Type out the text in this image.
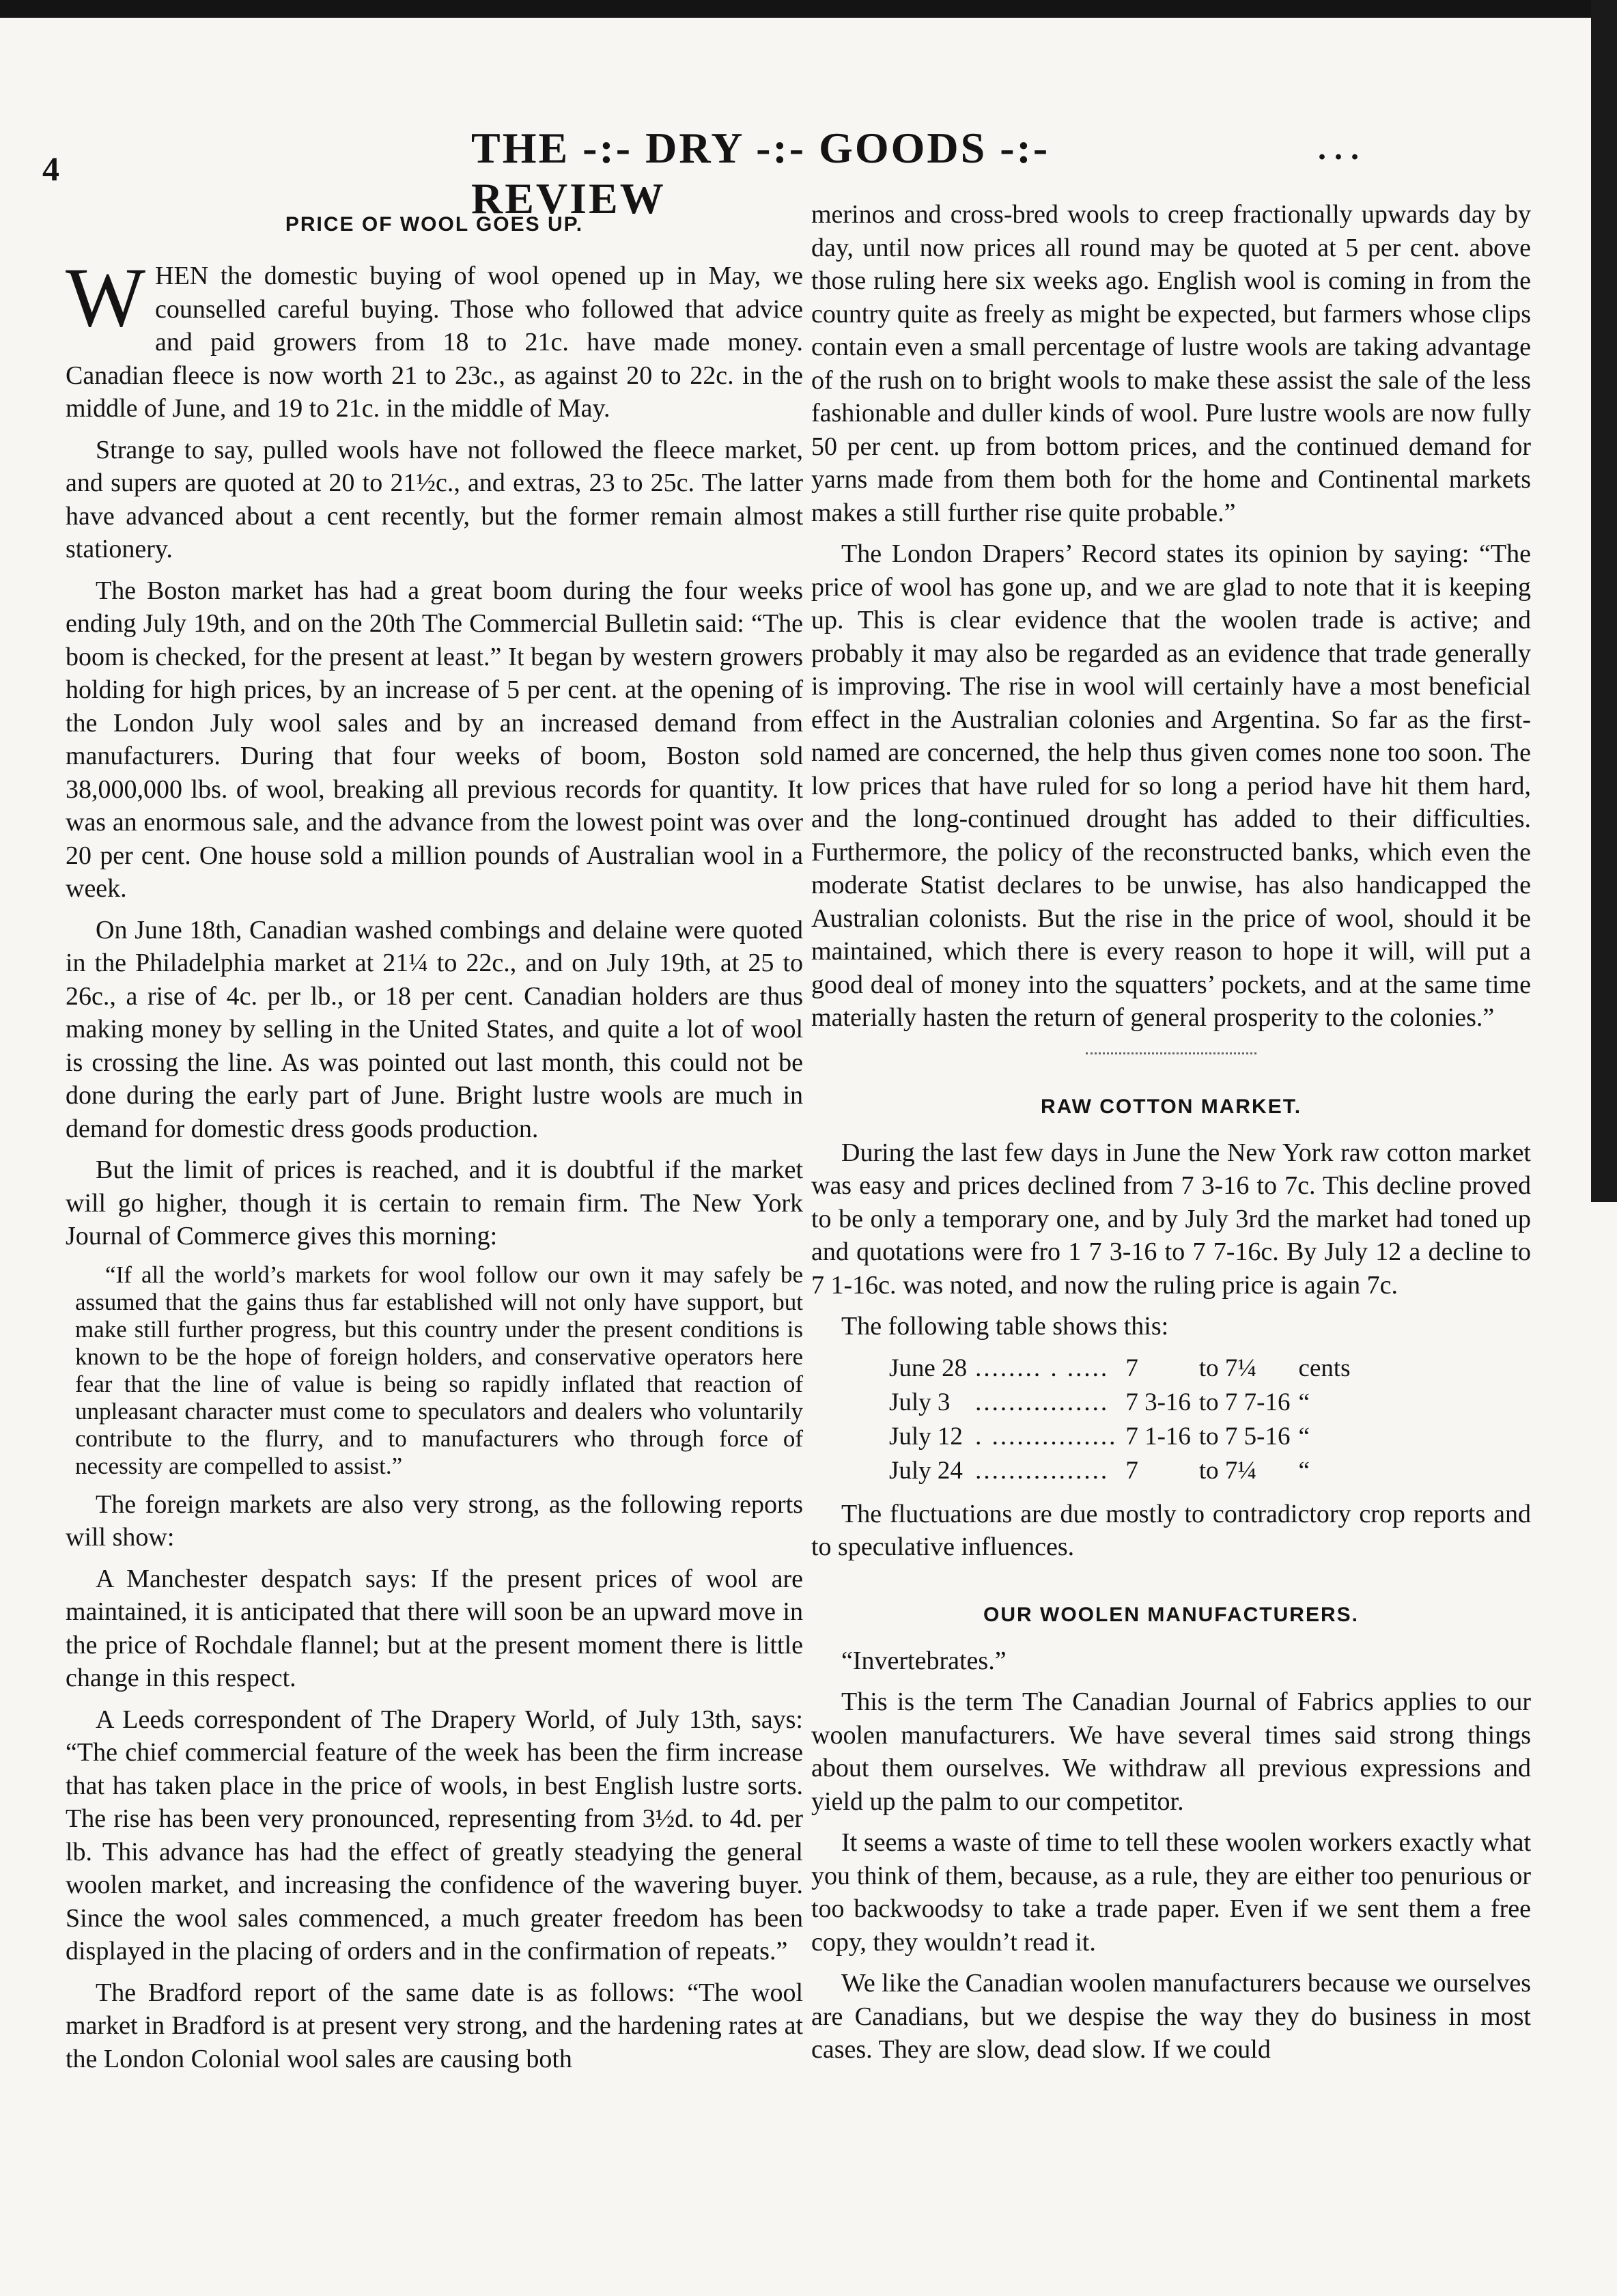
4	THE -:- DRY -:- GOODS -:- REVIEW
. . .
PRICE OF WOOL GOES UP.

WHEN the domestic buying of wool opened up in May, we counselled careful buying. Those who followed that advice and paid growers from 18 to 21c. have made money. Canadian fleece is now worth 21 to 23c., as against 20 to 22c. in the middle of June, and 19 to 21c. in the middle of May.

Strange to say, pulled wools have not followed the fleece market, and supers are quoted at 20 to 21½c., and extras, 23 to 25c. The latter have advanced about a cent recently, but the former remain almost stationery.

The Boston market has had a great boom during the four weeks ending July 19th, and on the 20th The Commercial Bulletin said: “The boom is checked, for the present at least.” It began by western growers holding for high prices, by an increase of 5 per cent. at the opening of the London July wool sales and by an increased demand from manufacturers. During that four weeks of boom, Boston sold 38,000,000 lbs. of wool, breaking all previous records for quantity. It was an enormous sale, and the advance from the lowest point was over 20 per cent. One house sold a million pounds of Australian wool in a week.

On June 18th, Canadian washed combings and delaine were quoted in the Philadelphia market at 21¼ to 22c., and on July 19th, at 25 to 26c., a rise of 4c. per lb., or 18 per cent. Canadian holders are thus making money by selling in the United States, and quite a lot of wool is crossing the line. As was pointed out last month, this could not be done during the early part of June. Bright lustre wools are much in demand for domestic dress goods production.

But the limit of prices is reached, and it is doubtful if the market will go higher, though it is certain to remain firm. The New York Journal of Commerce gives this morning:

“If all the world’s markets for wool follow our own it may safely be assumed that the gains thus far established will not only have support, but make still further progress, but this country under the present conditions is known to be the hope of foreign holders, and conservative operators here fear that the line of value is being so rapidly inflated that reaction of unpleasant character must come to speculators and dealers who voluntarily contribute to the flurry, and to manufacturers who through force of necessity are compelled to assist.”

The foreign markets are also very strong, as the following reports will show:

A Manchester despatch says: If the present prices of wool are maintained, it is anticipated that there will soon be an upward move in the price of Rochdale flannel; but at the present moment there is little change in this respect.

A Leeds correspondent of The Drapery World, of July 13th, says: “The chief commercial feature of the week has been the firm increase that has taken place in the price of wools, in best English lustre sorts. The rise has been very pronounced, representing from 3½d. to 4d. per lb. This advance has had the effect of greatly steadying the general woolen market, and increasing the confidence of the wavering buyer. Since the wool sales commenced, a much greater freedom has been displayed in the placing of orders and in the confirmation of repeats.”

The Bradford report of the same date is as follows: “The wool market in Bradford is at present very strong, and the hardening rates at the London Colonial wool sales are causing both

merinos and cross-bred wools to creep fractionally upwards day by day, until now prices all round may be quoted at 5 per cent. above those ruling here six weeks ago. English wool is coming in from the country quite as freely as might be expected, but farmers whose clips contain even a small percentage of lustre wools are taking advantage of the rush on to bright wools to make these assist the sale of the less fashionable and duller kinds of wool. Pure lustre wools are now fully 50 per cent. up from bottom prices, and the continued demand for yarns made from them both for the home and Continental markets makes a still further rise quite probable.”

The London Drapers’ Record states its opinion by saying: “The price of wool has gone up, and we are glad to note that it is keeping up. This is clear evidence that the woolen trade is active; and probably it may also be regarded as an evidence that trade generally is improving. The rise in wool will certainly have a most beneficial effect in the Australian colonies and Argentina. So far as the first-named are concerned, the help thus given comes none too soon. The low prices that have ruled for so long a period have hit them hard, and the long-continued drought has added to their difficulties. Furthermore, the policy of the reconstructed banks, which even the moderate Statist declares to be unwise, has also handicapped the Australian colonists. But the rise in the price of wool, should it be maintained, which there is every reason to hope it will, will put a good deal of money into the squatters’ pockets, and at the same time materially hasten the return of general prosperity to the colonies.”

RAW COTTON MARKET.

During the last few days in June the New York raw cotton market was easy and prices declined from 7 3-16 to 7c. This decline proved to be only a temporary one, and by July 3rd the market had toned up and quotations were fro 1 7 3-16 to 7 7-16c. By July 12 a decline to 7 1-16c. was noted, and now the ruling price is again 7c.

The following table shows this:

June 28	........ . .....	7	to 7¼	cents
July 3	................	7 3-16	to 7 7-16	“
July 12	. ...............	7 1-16	to 7 5-16	“
July 24	................	7	to 7¼	“

The fluctuations are due mostly to contradictory crop reports and to speculative influences.

OUR WOOLEN MANUFACTURERS.

“Invertebrates.”

This is the term The Canadian Journal of Fabrics applies to our woolen manufacturers. We have several times said strong things about them ourselves. We withdraw all previous expressions and yield up the palm to our competitor.

It seems a waste of time to tell these woolen workers exactly what you think of them, because, as a rule, they are either too penurious or too backwoodsy to take a trade paper. Even if we sent them a free copy, they wouldn’t read it.

We like the Canadian woolen manufacturers because we ourselves are Canadians, but we despise the way they do business in most cases. They are slow, dead slow. If we could
